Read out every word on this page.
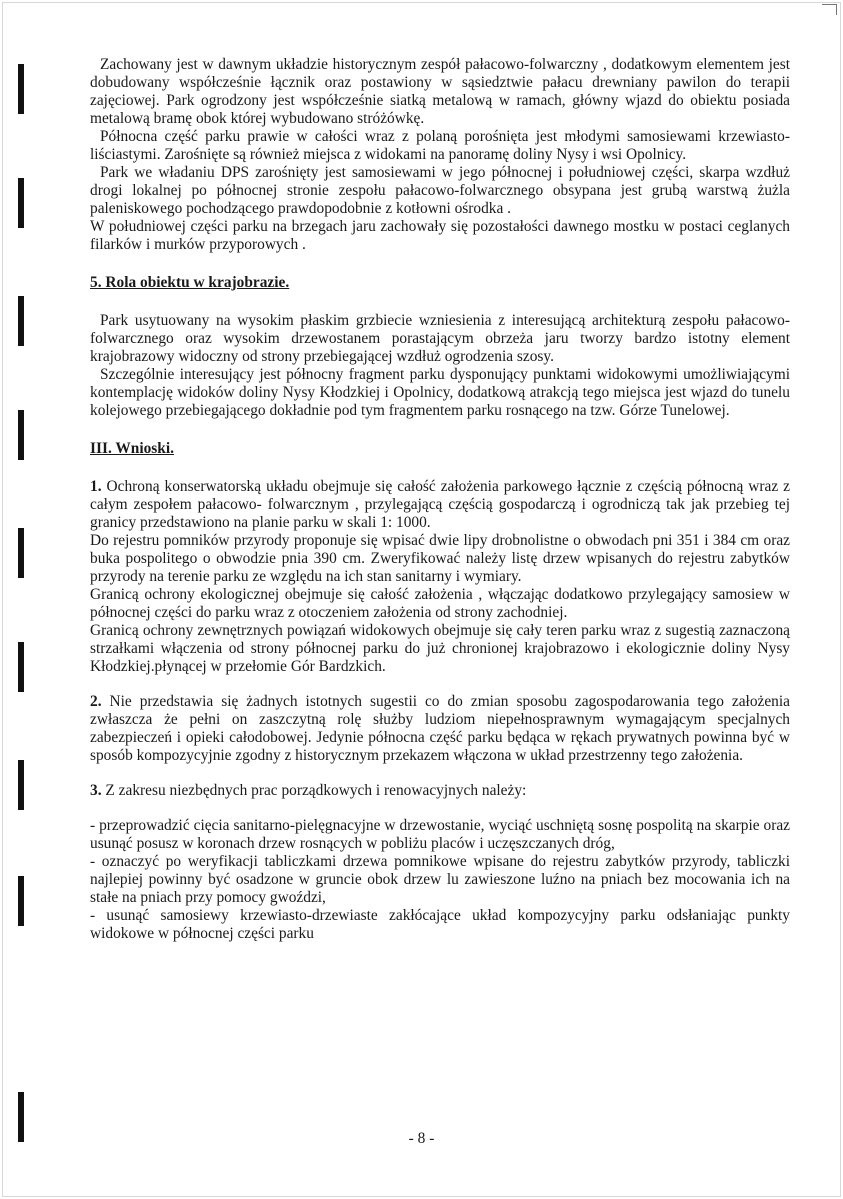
Zachowany jest w dawnym układzie historycznym zespół pałacowo-folwarczny , dodatkowym elementem jest dobudowany współcześnie łącznik oraz postawiony w sąsiedztwie pałacu drewniany pawilon do terapii zajęciowej. Park ogrodzony jest współcześnie siatką metalową w ramach, główny wjazd do obiektu posiada metalową bramę obok której wybudowano stróżówkę.

Północna część parku prawie w całości wraz z polaną porośnięta jest młodymi samosiewami krzewiasto-liściastymi. Zarośnięte są również miejsca z widokami na panoramę doliny Nysy i wsi Opolnicy.

Park we władaniu DPS zarośnięty jest samosiewami w jego północnej i południowej części, skarpa wzdłuż drogi lokalnej po północnej stronie zespołu pałacowo-folwarcznego obsypana jest grubą warstwą żużla paleniskowego pochodzącego prawdopodobnie z kotłowni ośrodka .

W południowej części parku na brzegach jaru zachowały się pozostałości dawnego mostku w postaci ceglanych filarków i murków przyporowych .

5. Rola obiektu w krajobrazie.

Park usytuowany na wysokim płaskim grzbiecie wzniesienia z interesującą architekturą zespołu pałacowo- folwarcznego oraz wysokim drzewostanem porastającym obrzeża jaru tworzy bardzo istotny element krajobrazowy widoczny od strony przebiegającej wzdłuż ogrodzenia szosy.

Szczególnie interesujący jest północny fragment parku dysponujący punktami widokowymi umożliwiającymi kontemplację widoków doliny Nysy Kłodzkiej i Opolnicy, dodatkową atrakcją tego miejsca jest wjazd do tunelu kolejowego przebiegającego dokładnie pod tym fragmentem parku rosnącego na tzw. Górze Tunelowej.

III. Wnioski.

1. Ochroną konserwatorską układu obejmuje się całość założenia parkowego łącznie z częścią północną wraz z całym zespołem pałacowo- folwarcznym , przylegającą częścią gospodarczą i ogrodniczą tak jak przebieg tej granicy przedstawiono na planie parku w skali 1: 1000.

Do rejestru pomników przyrody proponuje się wpisać dwie lipy drobnolistne o obwodach pni 351 i 384 cm oraz buka pospolitego o obwodzie pnia 390 cm. Zweryfikować należy listę drzew wpisanych do rejestru zabytków przyrody na terenie parku ze względu na ich stan sanitarny i wymiary.

Granicą ochrony ekologicznej obejmuje się całość założenia , włączając dodatkowo przylegający samosiew w północnej części do parku wraz z otoczeniem założenia od strony zachodniej.

Granicą ochrony zewnętrznych powiązań widokowych obejmuje się cały teren parku wraz z sugestią zaznaczoną strzałkami włączenia od strony północnej parku do już chronionej krajobrazowo i ekologicznie doliny Nysy Kłodzkiej.płynącej w przełomie Gór Bardzkich.

2. Nie przedstawia się żadnych istotnych sugestii co do zmian sposobu zagospodarowania tego założenia zwłaszcza że pełni on zaszczytną rolę służby ludziom niepełnosprawnym wymagającym specjalnych zabezpieczeń i opieki całodobowej. Jedynie północna część parku będąca w rękach prywatnych powinna być w sposób kompozycyjnie zgodny z historycznym przekazem włączona w układ przestrzenny tego założenia.

3. Z zakresu niezbędnych prac porządkowych i renowacyjnych należy:

- przeprowadzić cięcia sanitarno-pielęgnacyjne w drzewostanie, wyciąć uschniętą sosnę pospolitą na skarpie oraz usunąć posusz w koronach drzew rosnących w pobliżu placów i uczęszczanych dróg,

- oznaczyć po weryfikacji tabliczkami drzewa pomnikowe wpisane do rejestru zabytków przyrody, tabliczki najlepiej powinny być osadzone w gruncie obok drzew lu zawieszone luźno na pniach bez mocowania ich na stałe na pniach przy pomocy gwoździ,

- usunąć samosiewy krzewiasto-drzewiaste zakłócające układ kompozycyjny parku odsłaniając punkty widokowe w północnej części parku

- 8 -
